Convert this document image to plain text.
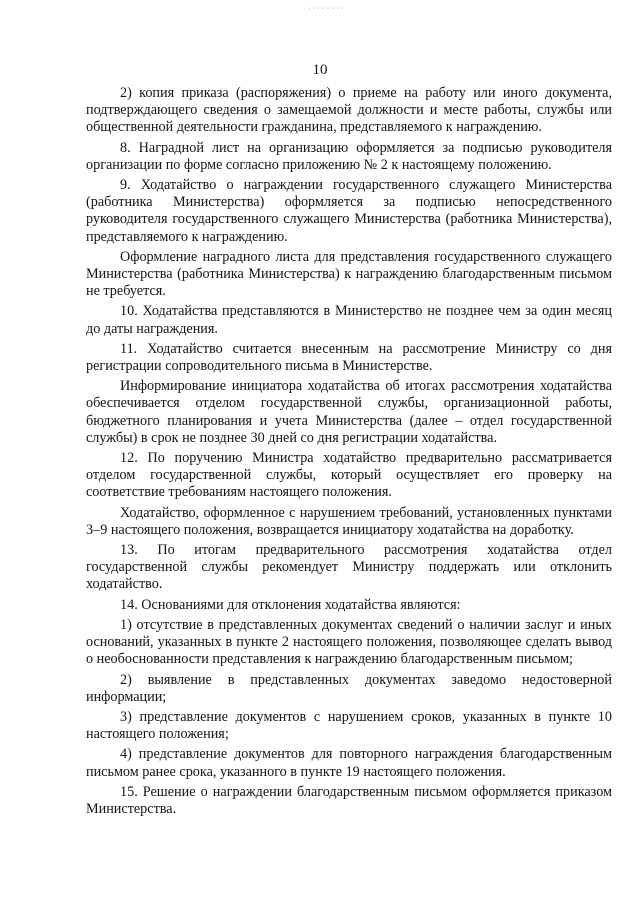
˙ ˙ ˙ ˙ ˙ ˙ ˙ ˙
10

2) копия приказа (распоряжения) о приеме на работу или иного документа, подтверждающего сведения о замещаемой должности и месте работы, службы или общественной деятельности гражданина, представляемого к награждению.

8. Наградной лист на организацию оформляется за подписью руководителя организации по форме согласно приложению № 2 к настоящему положению.

9. Ходатайство о награждении государственного служащего Министерства (работника Министерства) оформляется за подписью непосредственного руководителя государственного служащего Министерства (работника Министерства), представляемого к награждению.

Оформление наградного листа для представления государственного служащего Министерства (работника Министерства) к награждению благодарственным письмом не требуется.

10. Ходатайства представляются в Министерство не позднее чем за один месяц до даты награждения.

11. Ходатайство считается внесенным на рассмотрение Министру со дня регистрации сопроводительного письма в Министерстве.

Информирование инициатора ходатайства об итогах рассмотрения ходатайства обеспечивается отделом государственной службы, организационной работы, бюджетного планирования и учета Министерства (далее – отдел государственной службы) в срок не позднее 30 дней со дня регистрации ходатайства.

12. По поручению Министра ходатайство предварительно рассматривается отделом государственной службы, который осуществляет его проверку на соответствие требованиям настоящего положения.

Ходатайство, оформленное с нарушением требований, установленных пунктами 3–9 настоящего положения, возвращается инициатору ходатайства на доработку.

13. По итогам предварительного рассмотрения ходатайства отдел государственной службы рекомендует Министру поддержать или отклонить ходатайство.

14. Основаниями для отклонения ходатайства являются:

1) отсутствие в представленных документах сведений о наличии заслуг и иных оснований, указанных в пункте 2 настоящего положения, позволяющее сделать вывод о необоснованности представления к награждению благодарственным письмом;

2) выявление в представленных документах заведомо недостоверной информации;

3) представление документов с нарушением сроков, указанных в пункте 10 настоящего положения;

4) представление документов для повторного награждения благодарственным письмом ранее срока, указанного в пункте 19 настоящего положения.

15. Решение о награждении благодарственным письмом оформляется приказом Министерства.
